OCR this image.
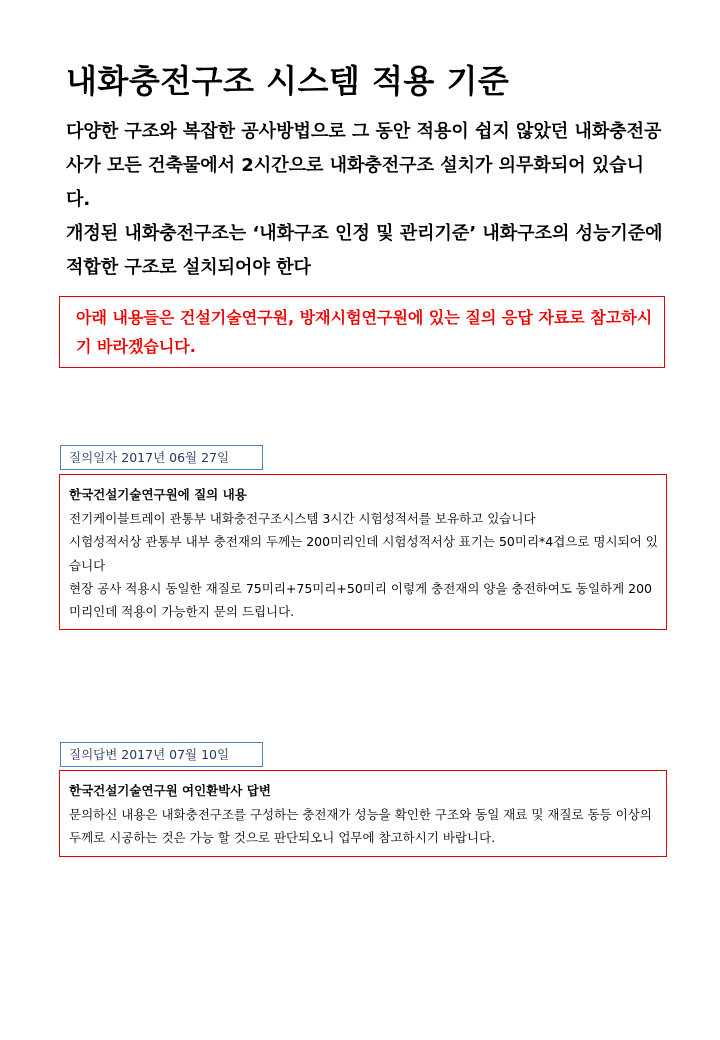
내화충전구조 시스템 적용 기준

다양한 구조와 복잡한 공사방법으로 그 동안 적용이 쉽지 않았던 내화충전공사가 모든 건축물에서 2시간으로 내화충전구조 설치가 의무화되어 있습니다.

개정된 내화충전구조는 ‘내화구조 인정 및 관리기준’ 내화구조의 성능기준에 적합한 구조로 설치되어야 한다

아래 내용들은 건설기술연구원, 방재시험연구원에 있는 질의 응답 자료로 참고하시기 바라겠습니다.
질의일자 2017년 06월 27일

한국건설기술연구원에 질의 내용

전기케이블트레이 관통부 내화충전구조시스템 3시간 시험성적서를 보유하고 있습니다

시험성적서상 관통부 내부 충전재의 두께는 200미리인데 시험성적서상 표기는 50미리*4겹으로 명시되어 있습니다

현장 공사 적용시 동일한 재질로 75미리+75미리+50미리 이렇게 충전재의 양을 충전하여도 동일하게 200미리인데 적용이 가능한지 문의 드립니다.

질의답변 2017년 07월 10일

한국건설기술연구원 여인환박사 답변

문의하신 내용은 내화충전구조를 구성하는 충전재가 성능을 확인한 구조와 동일 재료 및 재질로 동등 이상의 두께로 시공하는 것은 가능 할 것으로 판단되오니 업무에 참고하시기 바랍니다.
